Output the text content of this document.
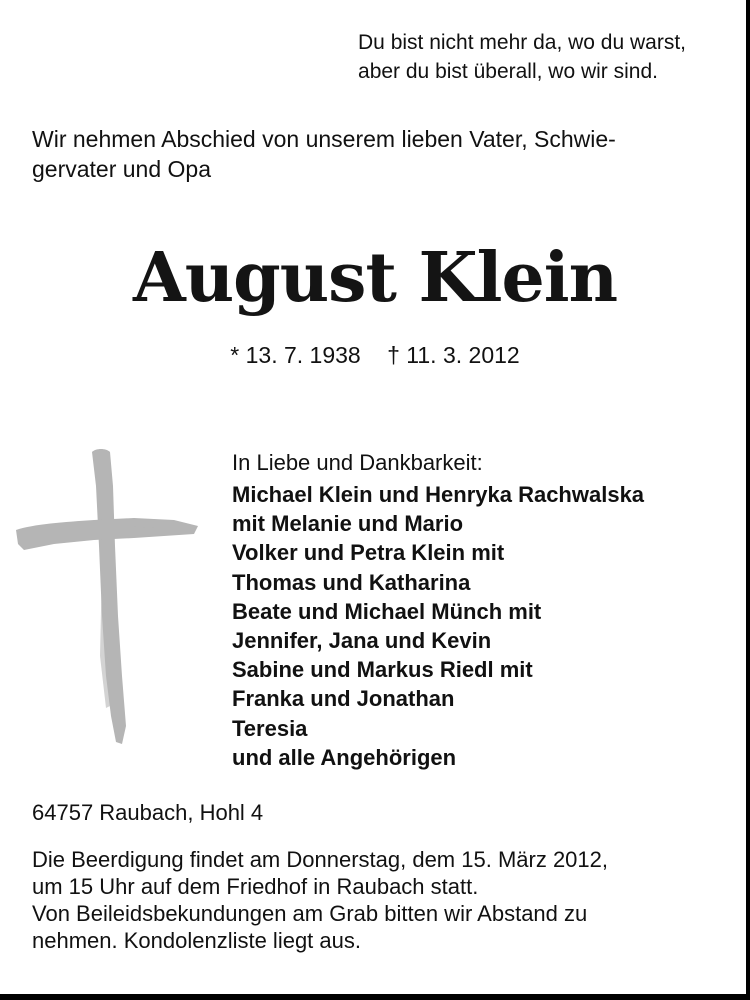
Du bist nicht mehr da, wo du warst,
aber du bist überall, wo wir sind.
Wir nehmen Abschied von unserem lieben Vater, Schwie-
gervater und Opa
August Klein
* 13. 7. 1938 † 11. 3. 2012
In Liebe und Dankbarkeit:
Michael Klein und Henryka Rachwalska
mit Melanie und Mario
Volker und Petra Klein mit
Thomas und Katharina
Beate und Michael Münch mit
Jennifer, Jana und Kevin
Sabine und Markus Riedl mit
Franka und Jonathan
Teresia
und alle Angehörigen
64757 Raubach, Hohl 4
Die Beerdigung findet am Donnerstag, dem 15. März 2012,
um 15 Uhr auf dem Friedhof in Raubach statt.
Von Beileidsbekundungen am Grab bitten wir Abstand zu
nehmen. Kondolenzliste liegt aus.
